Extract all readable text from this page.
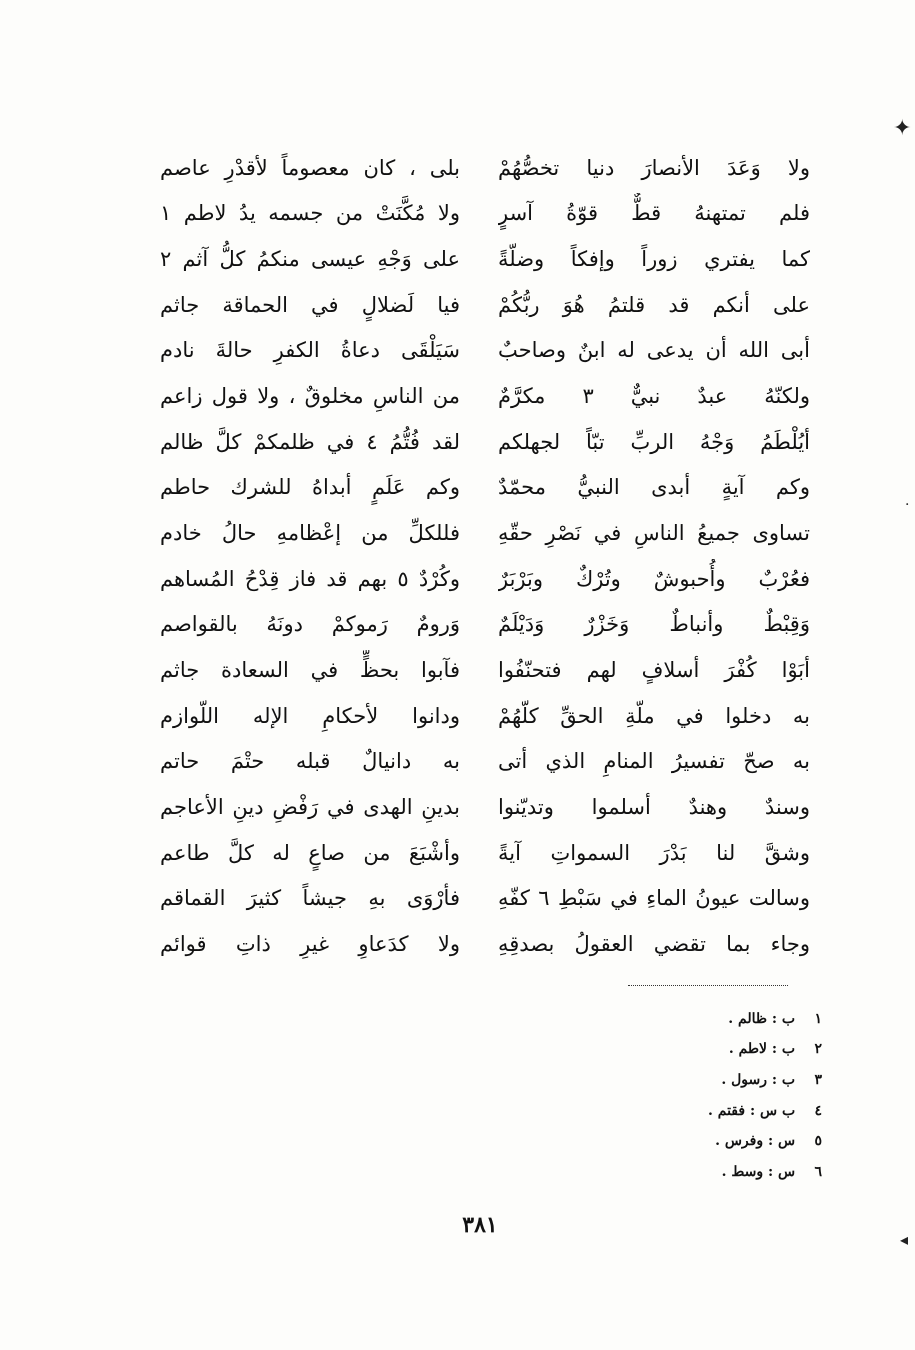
✦
·
◂
ولا وَعَدَ الأنصارَ دنيا تخصُّهُمْ
بلى ، كان معصوماً لأقدْرِ عاصم
فلم تمتهنهُ قطٌّ قوّةُ آسرٍ
ولا مُكَّنَتْ من جسمه يدُ لاطم ١
كما يفتري زوراً وإفكاً وضلّةً
على وَجْهِ عيسى منكمُ كلُّ آثم ٢
على أنكم قد قلتمُ هُوَ ربُّكُمْ
فيا لَضلالٍ في الحماقة جاثم
أبى الله أن يدعى له ابنٌ وصاحبٌ
سَيَلْقَى دعاةُ الكفرِ حالةَ نادم
ولكنّهُ عبدٌ نبيٌّ ٣ مكرَّمٌ
من الناسِ مخلوقٌ ، ولا قول زاعم
أيُلْطَمُ وَجْهُ الربِّ تبّاً لجهلكم
لقد فُتُّمُ ٤ في ظلمكمْ كلَّ ظالم
وكم آيةٍ أبدى النبيُّ محمّدٌ
وكم عَلَمٍ أبداهُ للشرك حاطم
تساوى جميعُ الناسِ في نَصْرِ حقّهِ
فللكلِّ من إعْظامهِ حالُ خادم
فعُرْبٌ وأُحبوشٌ وتُرْكٌ وبَرْبَرٌ
وكُرْدٌ ٥ بهم قد فاز قِدْحُ المُساهم
وَقِبْطٌ وأنباطٌ وَخَزْرٌ وَدَيْلَمٌ
وَرومٌ رَموكمْ دونَهُ بالقواصم
أبَوْا كُفْرَ أسلافٍ لهم فتحنّفُوا
فآبوا بحظٍّ في السعادة جاثم
به دخلوا في ملّةِ الحقِّ كلّهُمْ
ودانوا لأحكامِ الإله اللّوازم
به صحّ تفسيرُ المنامِ الذي أتى
به دانيالٌ قبله حتْمَ حاتم
وسندٌ وهندٌ أسلموا وتديّنوا
بدينِ الهدى في رَفْضِ دينِ الأعاجم
وشقَّ لنا بَدْرَ السمواتِ آيةً
وأشْبَعَ من صاعٍ له كلَّ طاعم
وسالت عيونُ الماءِ في سَبْطِ ٦ كفّهِ
فأرْوَى بهِ جيشاً كثيرَ القماقم
وجاء بما تقضي العقولُ بصدقِهِ
ولا كدَعاوِ غيرِ ذاتِ قوائم
١ ب : ظالم .
٢ ب : لاطم .
٣ ب : رسول .
٤ ب س : فقتم .
٥ س : وفرس .
٦ س : وسط .
٣٨١
